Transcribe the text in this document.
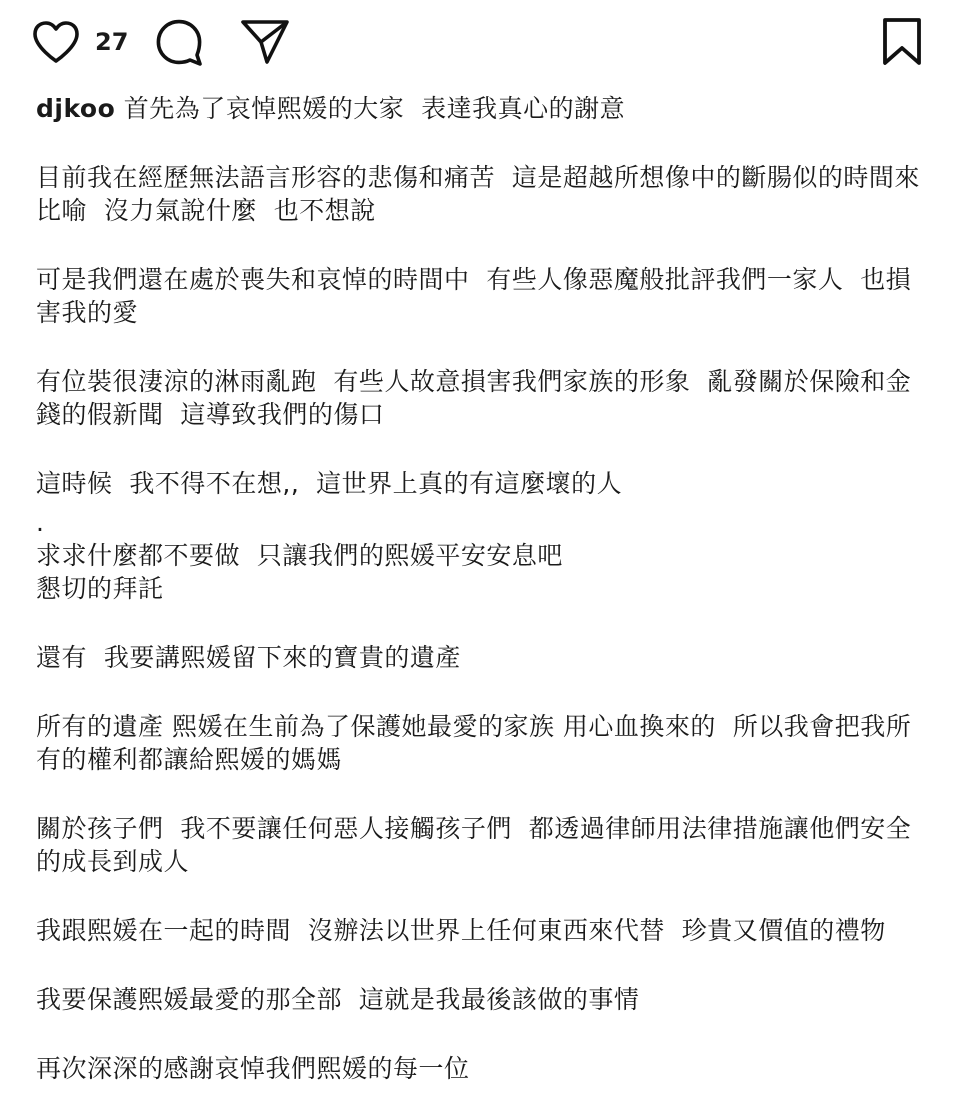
27

djkoo 首先為了哀悼熙媛的大家  表達我真心的謝意

目前我在經歷無法語言形容的悲傷和痛苦  這是超越所想像中的斷腸似的時間來比喻  沒力氣說什麼  也不想說

可是我們還在處於喪失和哀悼的時間中  有些人像惡魔般批評我們一家人  也損害我的愛

有位裝很淒涼的淋雨亂跑  有些人故意損害我們家族的形象  亂發關於保險和金錢的假新聞  這導致我們的傷口

這時候  我不得不在想,,  這世界上真的有這麼壞的人

.

求求什麼都不要做  只讓我們的熙媛平安安息吧

懇切的拜託

還有  我要講熙媛留下來的寶貴的遺產

所有的遺產 熙媛在生前為了保護她最愛的家族 用心血換來的  所以我會把我所有的權利都讓給熙媛的媽媽

關於孩子們  我不要讓任何惡人接觸孩子們  都透過律師用法律措施讓他們安全的成長到成人

我跟熙媛在一起的時間  沒辦法以世界上任何東西來代替  珍貴又價值的禮物

我要保護熙媛最愛的那全部  這就是我最後該做的事情

再次深深的感謝哀悼我們熙媛的每一位
